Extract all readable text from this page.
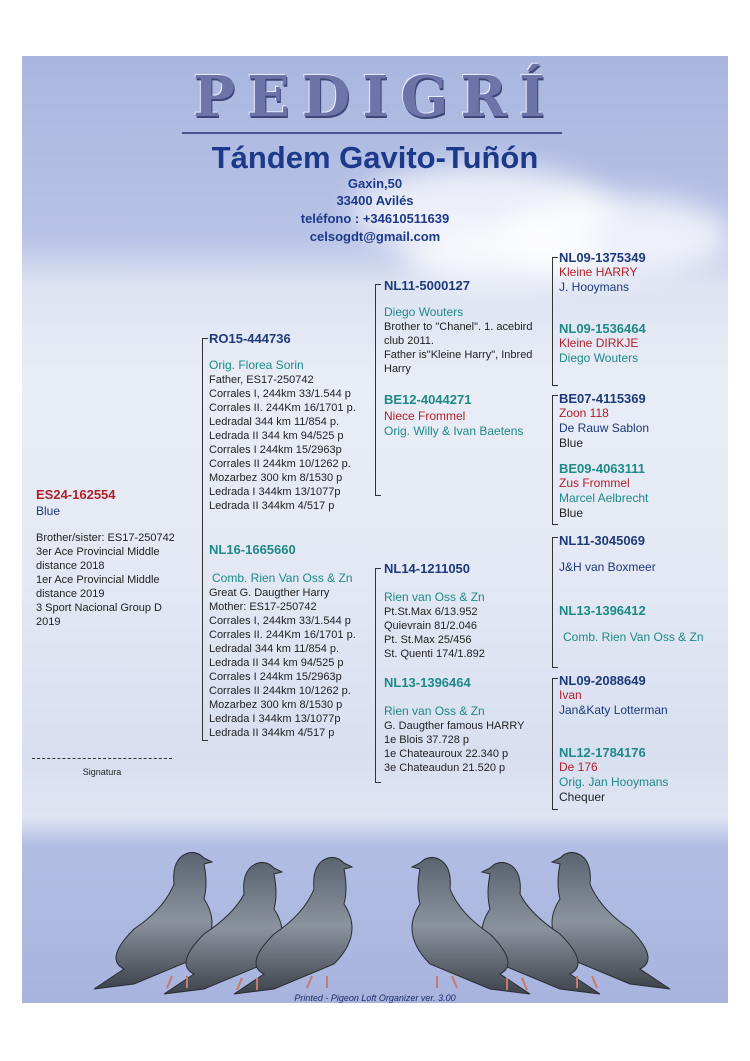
PEDIGRÍ
Tándem Gavito-Tuñón
Gaxin,50
33400 Avilés
teléfono : +34610511639
celsogdt@gmail.com
ES24-162554
Blue
Brother/sister: ES17-250742
3er Ace Provincial Middle
distance 2018
1er Ace Provincial Middle
distance 2019
3 Sport Nacional Group D
2019
RO15-444736
Orig. Florea Sorin
Father, ES17-250742
Corrales I, 244km 33/1.544 p
Corrales II. 244Km 16/1701 p.
Ledradal 344 km 11/854 p.
Ledrada II 344 km 94/525 p
Corrales I 244km 15/2963p
Corrales II 244km 10/1262 p.
Mozarbez 300 km 8/1530 p
Ledrada I 344km 13/1077p
Ledrada II 344km 4/517 p
NL16-1665660
Comb. Rien Van Oss & Zn
Great G. Daugther Harry
Mother: ES17-250742
Corrales I, 244km 33/1.544 p
Corrales II. 244Km 16/1701 p.
Ledradal 344 km 11/854 p.
Ledrada II 344 km 94/525 p
Corrales I 244km 15/2963p
Corrales II 244km 10/1262 p.
Mozarbez 300 km 8/1530 p
Ledrada I 344km 13/1077p
Ledrada II 344km 4/517 p
NL11-5000127
Diego Wouters
Brother to "Chanel". 1. acebird
club 2011.
Father is"Kleine Harry", Inbred
Harry
BE12-4044271
Niece Frommel
Orig. Willy & Ivan Baetens
NL14-1211050
Rien van Oss & Zn
Pt.St.Max 6/13.952
Quievrain 81/2.046
Pt. St.Max 25/456
St. Quenti 174/1.892
NL13-1396464
Rien van Oss & Zn
G. Daugther famous HARRY
1e Blois 37.728 p
1e Chateauroux 22.340 p
3e Chateaudun 21.520 p
NL09-1375349
Kleine HARRY
J. Hooymans
NL09-1536464
Kleine DIRKJE
Diego Wouters
BE07-4115369
Zoon 118
De Rauw Sablon
Blue
BE09-4063111
Zus Frommel
Marcel Aelbrecht
Blue
NL11-3045069
J&H van Boxmeer
NL13-1396412
Comb. Rien Van Oss & Zn
NL09-2088649
Ivan
Jan&Katy Lotterman
NL12-1784176
De 176
Orig. Jan Hooymans
Chequer
Signatura
Printed - Pigeon Loft Organizer ver. 3.00
